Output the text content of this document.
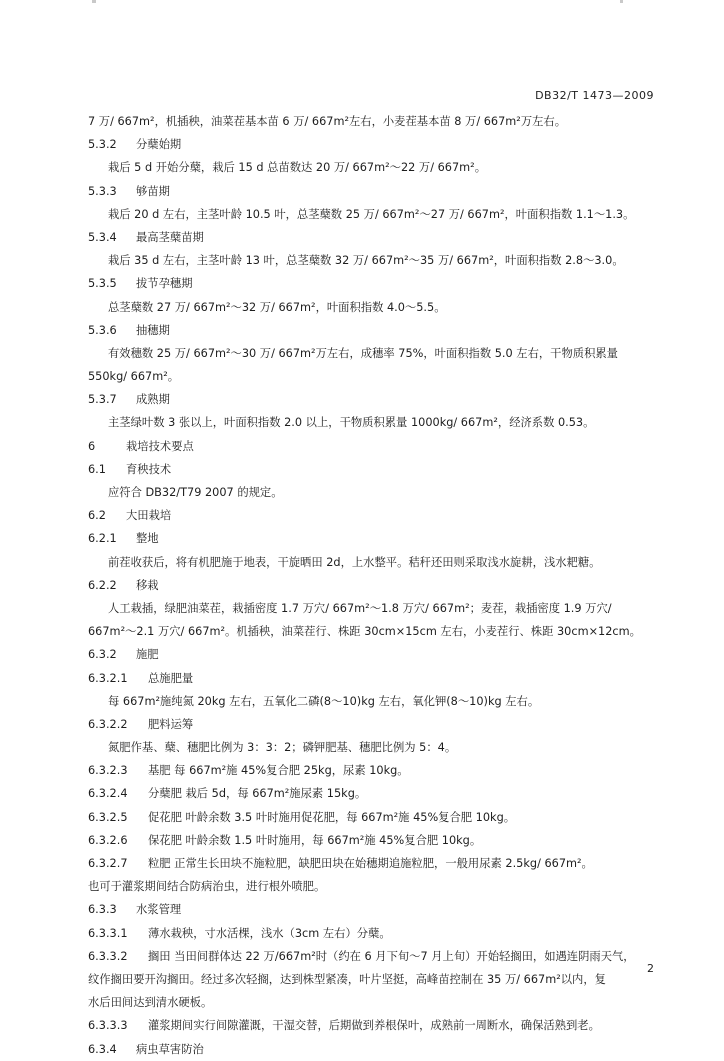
DB32/T 1473—2009
7 万/ 667m²，机插秧，油菜茬基本苗 6 万/ 667m²左右，小麦茬基本苗 8 万/ 667m²万左右。
5.3.2 分蘖始期
栽后 5 d 开始分蘖，栽后 15 d 总苗数达 20 万/ 667m²～22 万/ 667m²。
5.3.3 够苗期
栽后 20 d 左右，主茎叶龄 10.5 叶，总茎蘖数 25 万/ 667m²～27 万/ 667m²，叶面积指数 1.1～1.3。
5.3.4 最高茎蘖苗期
栽后 35 d 左右，主茎叶龄 13 叶，总茎蘖数 32 万/ 667m²～35 万/ 667m²，叶面积指数 2.8～3.0。
5.3.5 拔节孕穗期
总茎蘖数 27 万/ 667m²～32 万/ 667m²，叶面积指数 4.0～5.5。
5.3.6 抽穗期
有效穗数 25 万/ 667m²～30 万/ 667m²万左右，成穗率 75%，叶面积指数 5.0 左右，干物质积累量
550kg/ 667m²。
5.3.7 成熟期
主茎绿叶数 3 张以上，叶面积指数 2.0 以上，干物质积累量 1000kg/ 667m²，经济系数 0.53。
6	栽培技术要点
6.1 育秧技术
应符合 DB32/T79 2007 的规定。
6.2 大田栽培
6.2.1 整地
前茬收获后，将有机肥施于地表，干旋晒田 2d，上水整平。秸秆还田则采取浅水旋耕，浅水耙糖。
6.2.2 移栽
人工栽插，绿肥油菜茬，栽插密度 1.7 万穴/ 667m²～1.8 万穴/ 667m²；麦茬，栽插密度 1.9 万穴/
667m²～2.1 万穴/ 667m²。机插秧，油菜茬行、株距 30cm×15cm 左右，小麦茬行、株距 30cm×12cm。
6.3.2 施肥
6.3.2.1 总施肥量
每 667m²施纯氮 20kg 左右，五氧化二磷(8～10)kg 左右，氧化钾(8～10)kg 左右。
6.3.2.2 肥料运筹
氮肥作基、蘖、穗肥比例为 3：3：2；磷钾肥基、穗肥比例为 5：4。
6.3.2.3 基肥 每 667m²施 45%复合肥 25kg，尿素 10kg。
6.3.2.4 分蘖肥 栽后 5d，每 667m²施尿素 15kg。
6.3.2.5 促花肥 叶龄余数 3.5 叶时施用促花肥，每 667m²施 45%复合肥 10kg。
6.3.2.6 保花肥 叶龄余数 1.5 叶时施用，每 667m²施 45%复合肥 10kg。
6.3.2.7 粒肥 正常生长田块不施粒肥，缺肥田块在始穗期追施粒肥，一般用尿素 2.5kg/ 667m²。
也可于灌浆期间结合防病治虫，进行根外喷肥。
6.3.3 水浆管理
6.3.3.1 薄水栽秧，寸水活棵，浅水（3cm 左右）分蘖。
6.3.3.2 搁田 当田间群体达 22 万/667m²时（约在 6 月下旬～7 月上旬）开始轻搁田，如遇连阴雨天气，
纹作搁田要开沟搁田。经过多次轻搁，达到株型紧凑，叶片坚挺，高峰苗控制在 35 万/ 667m²以内，复
水后田间达到清水硬板。
6.3.3.3 灌浆期间实行间隙灌溉，干湿交替，后期做到养根保叶，成熟前一周断水，确保活熟到老。
6.3.4 病虫草害防治
2
